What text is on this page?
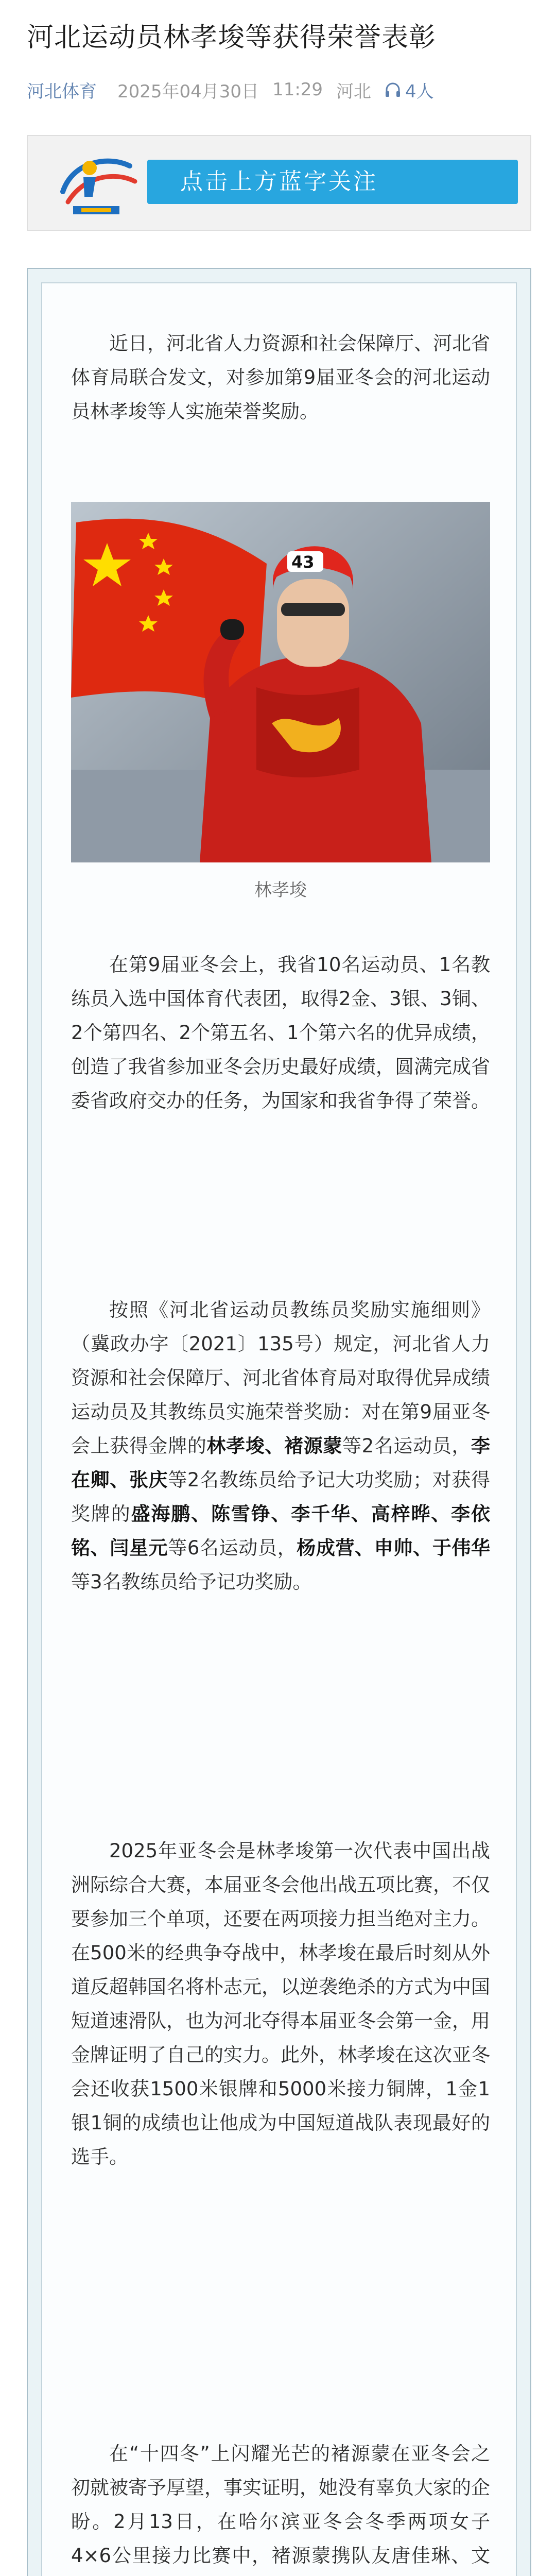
河北运动员林孝埈等获得荣誉表彰
河北体育 2025年04月30日 11:29 河北 4人
点击上方蓝字关注

近日，河北省人力资源和社会保障厅、河北省体育局联合发文，对参加第9届亚冬会的河北运动员林孝埈等人实施荣誉奖励。

43
林孝埈

在第9届亚冬会上，我省10名运动员、1名教练员入选中国体育代表团，取得2金、3银、3铜、2个第四名、2个第五名、1个第六名的优异成绩，创造了我省参加亚冬会历史最好成绩，圆满完成省委省政府交办的任务，为国家和我省争得了荣誉。

按照《河北省运动员教练员奖励实施细则》（冀政办字〔2021〕135号）规定，河北省人力资源和社会保障厅、河北省体育局对取得优异成绩运动员及其教练员实施荣誉奖励：对在第9届亚冬会上获得金牌的林孝埈、褚源蒙等2名运动员，李在卿、张庆等2名教练员给予记大功奖励；对获得奖牌的盛海鹏、陈雪铮、李千华、高梓晔、李依铭、闫星元等6名运动员，杨成营、申帅、于伟华等3名教练员给予记功奖励。

2025年亚冬会是林孝埈第一次代表中国出战洲际综合大赛，本届亚冬会他出战五项比赛，不仅要参加三个单项，还要在两项接力担当绝对主力。在500米的经典争夺战中，林孝埈在最后时刻从外道反超韩国名将朴志元，以逆袭绝杀的方式为中国短道速滑队，也为河北夺得本届亚冬会第一金，用金牌证明了自己的实力。此外，林孝埈在这次亚冬会还收获1500米银牌和5000米接力铜牌，1金1银1铜的成绩也让他成为中国短道战队表现最好的选手。

在“十四冬”上闪耀光芒的褚源蒙在亚冬会之初就被寄予厚望，事实证明，她没有辜负大家的企盼。2月13日，在哈尔滨亚冬会冬季两项女子4×6公里接力比赛中，褚源蒙携队友唐佳琳、文
